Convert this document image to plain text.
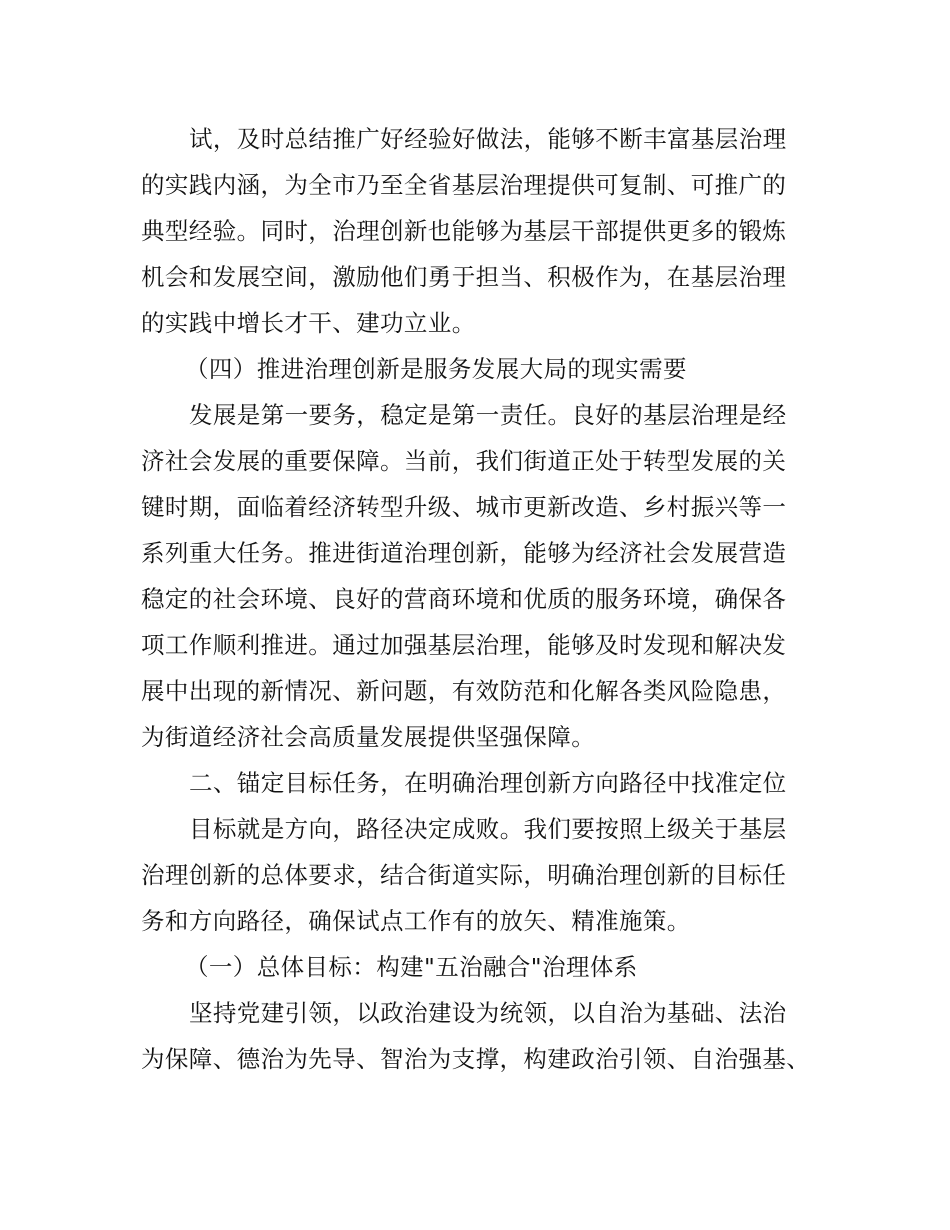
试，及时总结推广好经验好做法，能够不断丰富基层治理
的实践内涵，为全市乃至全省基层治理提供可复制、可推广的
典型经验。同时，治理创新也能够为基层干部提供更多的锻炼
机会和发展空间，激励他们勇于担当、积极作为，在基层治理
的实践中增长才干、建功立业。

（四）推进治理创新是服务发展大局的现实需要

发展是第一要务，稳定是第一责任。良好的基层治理是经
济社会发展的重要保障。当前，我们街道正处于转型发展的关
键时期，面临着经济转型升级、城市更新改造、乡村振兴等一
系列重大任务。推进街道治理创新，能够为经济社会发展营造
稳定的社会环境、良好的营商环境和优质的服务环境，确保各
项工作顺利推进。通过加强基层治理，能够及时发现和解决发
展中出现的新情况、新问题，有效防范和化解各类风险隐患，
为街道经济社会高质量发展提供坚强保障。

二、锚定目标任务，在明确治理创新方向路径中找准定位

目标就是方向，路径决定成败。我们要按照上级关于基层
治理创新的总体要求，结合街道实际，明确治理创新的目标任
务和方向路径，确保试点工作有的放矢、精准施策。

（一）总体目标：构建"五治融合"治理体系

坚持党建引领，以政治建设为统领，以自治为基础、法治
为保障、德治为先导、智治为支撑，构建政治引领、自治强基、
